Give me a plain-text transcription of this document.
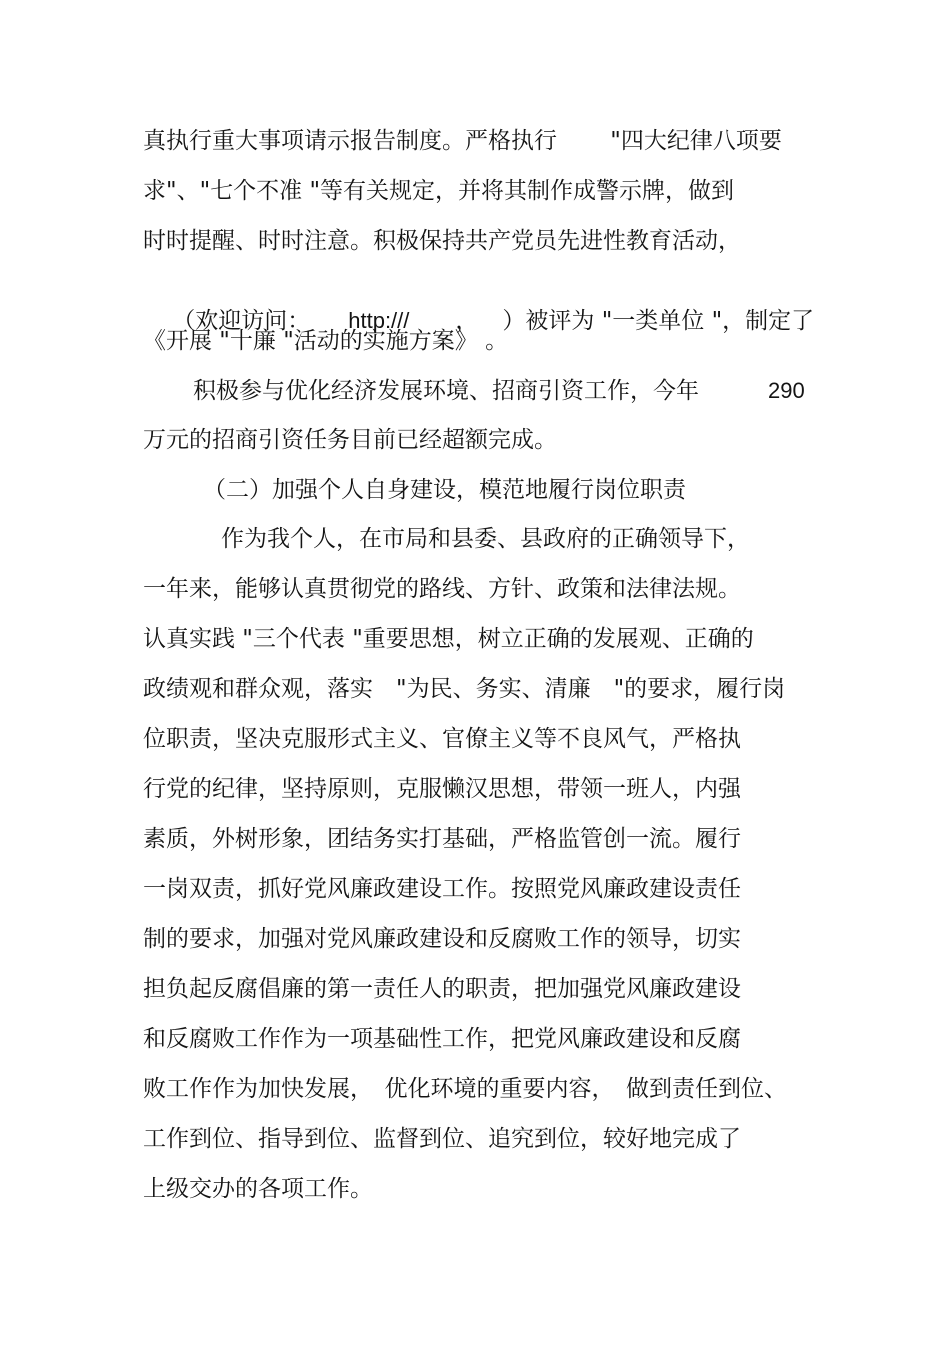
真执行重大事项请示报告制度。严格执行　　 "四大纪律八项要
求"、"七个不准 "等有关规定，并将其制作成警示牌，做到
时时提醒、时时注意。积极保持共产党员先进性教育活动，

（欢迎访问： http:/// ， ）被评为 "一类单位 "，制定了

《开展 "十廉 "活动的实施方案》 。
积极参与优化经济发展环境、招商引资工作，今年	290
万元的招商引资任务目前已经超额完成。
（二）加强个人自身建设，模范地履行岗位职责
作为我个人，在市局和县委、县政府的正确领导下，
一年来，能够认真贯彻党的路线、方针、政策和法律法规。
认真实践 "三个代表 "重要思想，树立正确的发展观、正确的
政绩观和群众观，落实　"为民、务实、清廉　"的要求，履行岗
位职责，坚决克服形式主义、官僚主义等不良风气，严格执
行党的纪律，坚持原则，克服懒汉思想，带领一班人，内强
素质，外树形象，团结务实打基础，严格监管创一流。履行
一岗双责，抓好党风廉政建设工作。按照党风廉政建设责任
制的要求，加强对党风廉政建设和反腐败工作的领导，切实
担负起反腐倡廉的第一责任人的职责，把加强党风廉政建设
和反腐败工作作为一项基础性工作，把党风廉政建设和反腐
败工作作为加快发展，　优化环境的重要内容，　做到责任到位、
工作到位、指导到位、监督到位、追究到位，较好地完成了
上级交办的各项工作。
